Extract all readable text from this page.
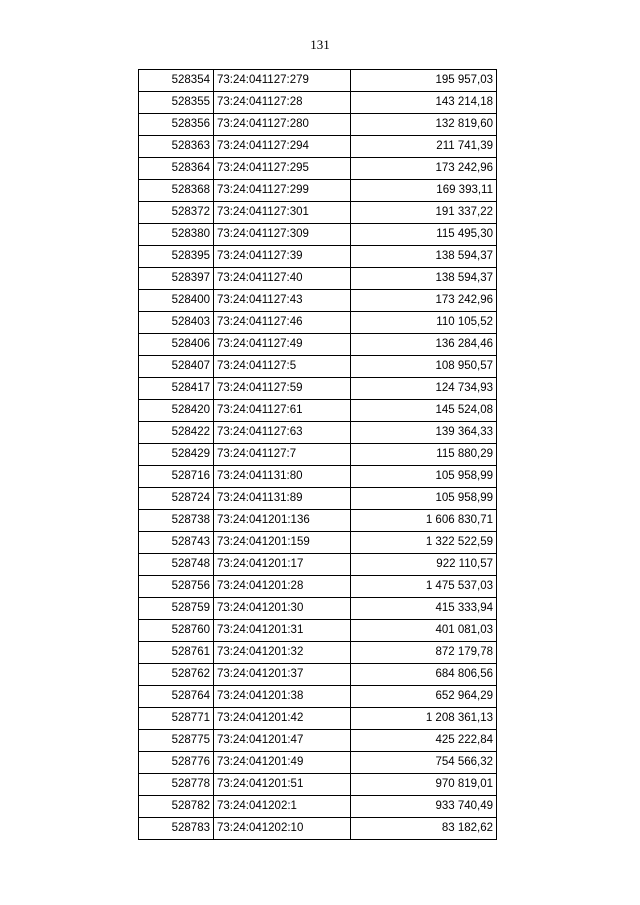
131
528354	73:24:041127:279	195 957,03
528355	73:24:041127:28	143 214,18
528356	73:24:041127:280	132 819,60
528363	73:24:041127:294	211 741,39
528364	73:24:041127:295	173 242,96
528368	73:24:041127:299	169 393,11
528372	73:24:041127:301	191 337,22
528380	73:24:041127:309	115 495,30
528395	73:24:041127:39	138 594,37
528397	73:24:041127:40	138 594,37
528400	73:24:041127:43	173 242,96
528403	73:24:041127:46	110 105,52
528406	73:24:041127:49	136 284,46
528407	73:24:041127:5	108 950,57
528417	73:24:041127:59	124 734,93
528420	73:24:041127:61	145 524,08
528422	73:24:041127:63	139 364,33
528429	73:24:041127:7	115 880,29
528716	73:24:041131:80	105 958,99
528724	73:24:041131:89	105 958,99
528738	73:24:041201:136	1 606 830,71
528743	73:24:041201:159	1 322 522,59
528748	73:24:041201:17	922 110,57
528756	73:24:041201:28	1 475 537,03
528759	73:24:041201:30	415 333,94
528760	73:24:041201:31	401 081,03
528761	73:24:041201:32	872 179,78
528762	73:24:041201:37	684 806,56
528764	73:24:041201:38	652 964,29
528771	73:24:041201:42	1 208 361,13
528775	73:24:041201:47	425 222,84
528776	73:24:041201:49	754 566,32
528778	73:24:041201:51	970 819,01
528782	73:24:041202:1	933 740,49
528783	73:24:041202:10	83 182,62
